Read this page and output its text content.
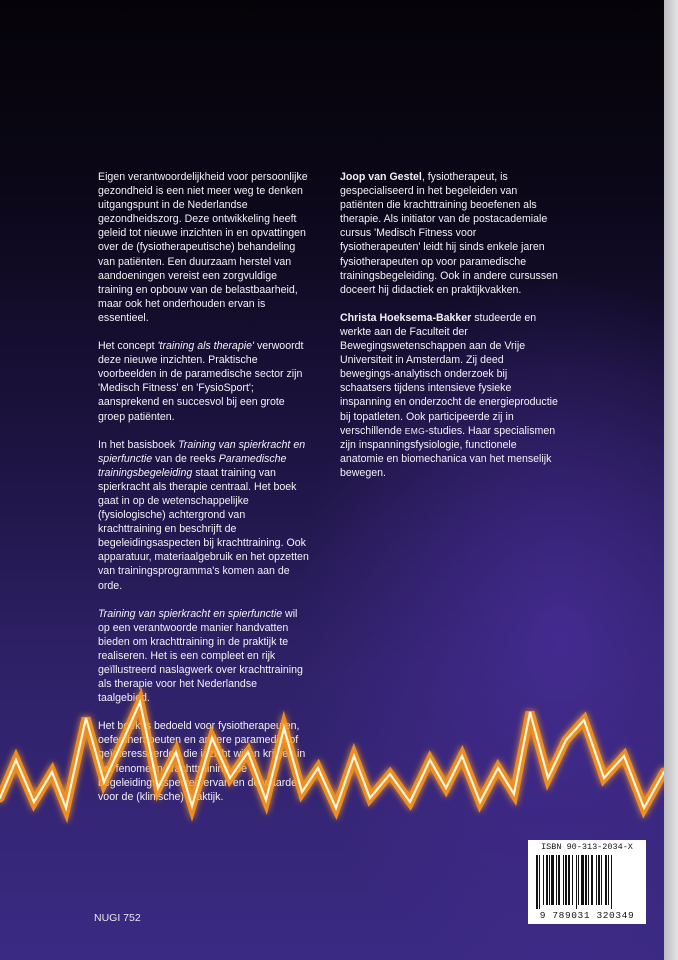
Eigen verantwoordelijkheid voor persoonlijke gezondheid is een niet meer weg te denken uitgangspunt in de Nederlandse gezondheidszorg. Deze ontwikkeling heeft geleid tot nieuwe inzichten in en opvattingen over de (fysiotherapeutische) behandeling van patiënten. Een duurzaam herstel van aandoeningen vereist een zorgvuldige training en opbouw van de belastbaarheid, maar ook het onderhouden ervan is essentieel.

Het concept 'training als therapie' verwoordt deze nieuwe inzichten. Praktische voorbeelden in de paramedische sector zijn 'Medisch Fitness' en 'FysioSport'; aansprekend en succesvol bij een grote groep patiënten.

In het basisboek Training van spierkracht en spierfunctie van de reeks Paramedische trainingsbegeleiding staat training van spierkracht als therapie centraal. Het boek gaat in op de wetenschappelijke (fysiologische) achtergrond van krachttraining en beschrijft de begeleidingsaspecten bij krachttraining. Ook apparatuur, materiaalgebruik en het opzetten van trainingsprogramma's komen aan de orde.

Training van spierkracht en spierfunctie wil op een verantwoorde manier handvatten bieden om krachttraining in de praktijk te realiseren. Het is een compleet en rijk geïllustreerd naslagwerk over krachttraining als therapie voor het Nederlandse taalgebied.

Het boek is bedoeld voor fysiotherapeuten, oefentherapeuten en andere paramedici of geïnteresseerden die inzicht willen krijgen in het fenomeen krachttraining, de begeleidingsaspecten ervan en de waarde voor de (klinische) praktijk.

Joop van Gestel, fysiotherapeut, is gespecialiseerd in het begeleiden van patiënten die krachttraining beoefenen als therapie. Als initiator van de postacademiale cursus 'Medisch Fitness voor fysiotherapeuten' leidt hij sinds enkele jaren fysiotherapeuten op voor paramedische trainingsbegeleiding. Ook in andere cursussen doceert hij didactiek en praktijkvakken.

Christa Hoeksema-Bakker studeerde en werkte aan de Faculteit der Bewegingswetenschappen aan de Vrije Universiteit in Amsterdam. Zij deed bewegings-analytisch onderzoek bij schaatsers tijdens intensieve fysieke inspanning en onderzocht de energieproductie bij topatleten. Ook participeerde zij in verschillende EMG-studies. Haar specialismen zijn inspanningsfysiologie, functionele anatomie en biomechanica van het menselijk bewegen.

NUGI 752
ISBN 90-313-2034-X
9 789031 320349
